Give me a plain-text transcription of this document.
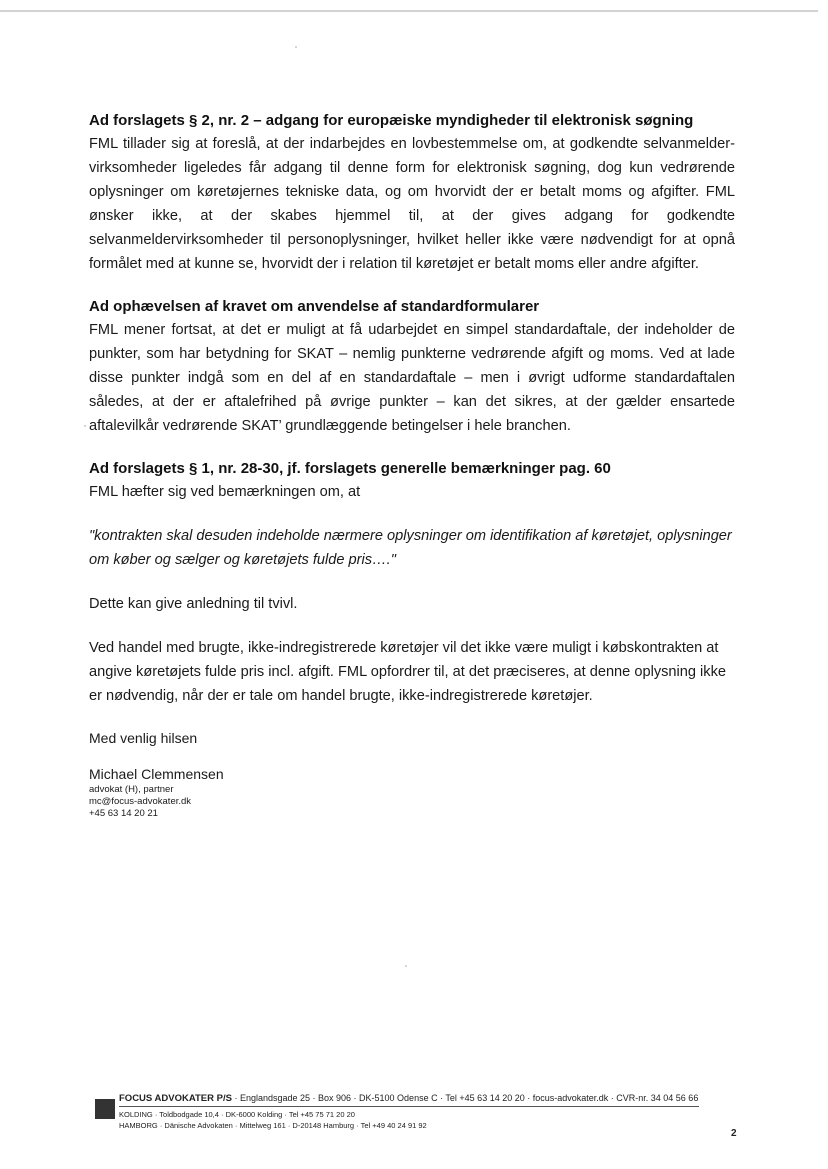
Ad forslagets § 2, nr. 2 – adgang for europæiske myndigheder til elektronisk søgning

FML tillader sig at foreslå, at der indarbejdes en lovbestemmelse om, at godkendte selvanmelder-virksomheder ligeledes får adgang til denne form for elektronisk søgning, dog kun vedrørende oplysninger om køretøjernes tekniske data, og om hvorvidt der er betalt moms og afgifter. FML ønsker ikke, at der skabes hjemmel til, at der gives adgang for godkendte selvanmeldervirksomheder til personoplysninger, hvilket heller ikke være nødvendigt for at opnå formålet med at kunne se, hvorvidt der i relation til køretøjet er betalt moms eller andre afgifter.

Ad ophævelsen af kravet om anvendelse af standardformularer

FML mener fortsat, at det er muligt at få udarbejdet en simpel standardaftale, der indeholder de punkter, som har betydning for SKAT – nemlig punkterne vedrørende afgift og moms. Ved at lade disse punkter indgå som en del af en standardaftale – men i øvrigt udforme standardaftalen således, at der er aftalefrihed på øvrige punkter – kan det sikres, at der gælder ensartede aftalevilkår vedrørende SKAT’ grundlæggende betingelser i hele branchen.

Ad forslagets § 1, nr. 28-30, jf. forslagets generelle bemærkninger pag. 60

FML hæfter sig ved bemærkningen om, at

"kontrakten skal desuden indeholde nærmere oplysninger om identifikation af køretøjet, oplysninger om køber og sælger og køretøjets fulde pris…."

Dette kan give anledning til tvivl.

Ved handel med brugte, ikke-indregistrerede køretøjer vil det ikke være muligt i købskontrakten at angive køretøjets fulde pris incl. afgift. FML opfordrer til, at det præciseres, at denne oplysning ikke er nødvendig, når der er tale om handel brugte, ikke-indregistrerede køretøjer.

Med venlig hilsen

Michael Clemmensen

advokat (H), partner

mc@focus-advokater.dk

+45 63 14 20 21

FOCUS ADVOKATER P/S · Englandsgade 25 · Box 906 · DK-5100 Odense C · Tel +45 63 14 20 20 · focus-advokater.dk · CVR-nr. 34 04 56 66
KOLDING · Toldbodgade 10,4 · DK-6000 Kolding · Tel +45 75 71 20 20
HAMBORG · Dänische Advokaten · Mittelweg 161 · D-20148 Hamburg · Tel +49 40 24 91 92
2
